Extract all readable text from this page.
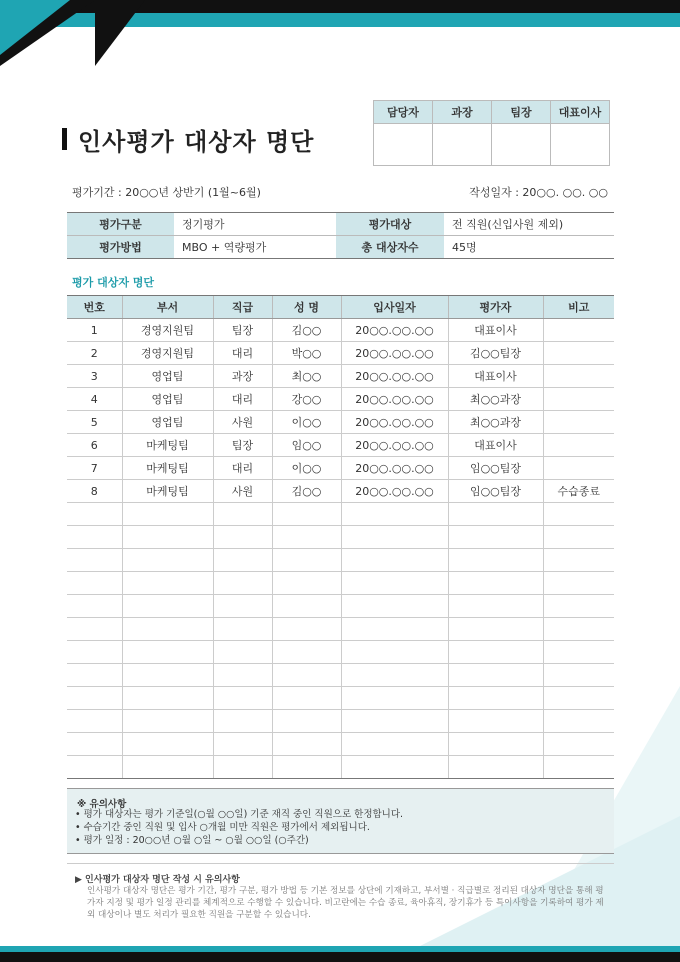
인사평가 대상자 명단
담당자	과장	팀장	대표이사

평가기간 : 20○○년 상반기 (1월~6월)	작성일자 : 20○○. ○○. ○○
평가구분	정기평가	평가대상	전 직원(신입사원 제외)
평가방법	MBO + 역량평가	총 대상자수	45명
평가 대상자 명단
번호	부서	직급	성 명	입사일자	평가자	비고
1	경영지원팀	팀장	김○○	20○○.○○.○○	대표이사	
2	경영지원팀	대리	박○○	20○○.○○.○○	김○○팀장	
3	영업팀	과장	최○○	20○○.○○.○○	대표이사	
4	영업팀	대리	강○○	20○○.○○.○○	최○○과장	
5	영업팀	사원	이○○	20○○.○○.○○	최○○과장	
6	마케팅팀	팀장	임○○	20○○.○○.○○	대표이사	
7	마케팅팀	대리	이○○	20○○.○○.○○	임○○팀장	
8	마케팅팀	사원	김○○	20○○.○○.○○	임○○팀장	수습종료

※ 유의사항
• 평가 대상자는 평가 기준일(○월 ○○일) 기준 재직 중인 직원으로 한정합니다.
• 수습기간 중인 직원 및 입사 ○개월 미만 직원은 평가에서 제외됩니다.
• 평가 일정 : 20○○년 ○월 ○일 ~ ○월 ○○일 (○주간)
▶ 인사평가 대상자 명단 작성 시 유의사항
인사평가 대상자 명단은 평가 기간, 평가 구분, 평가 방법 등 기본 정보를 상단에 기재하고, 부서별 · 직급별로 정리된 대상자 명단을 통해 평가자 지정 및 평가 일정 관리를 체계적으로 수행할 수 있습니다. 비고란에는 수습 종료, 육아휴직, 장기휴가 등 특이사항을 기록하여 평가 제외 대상이나 별도 처리가 필요한 직원을 구분할 수 있습니다.
